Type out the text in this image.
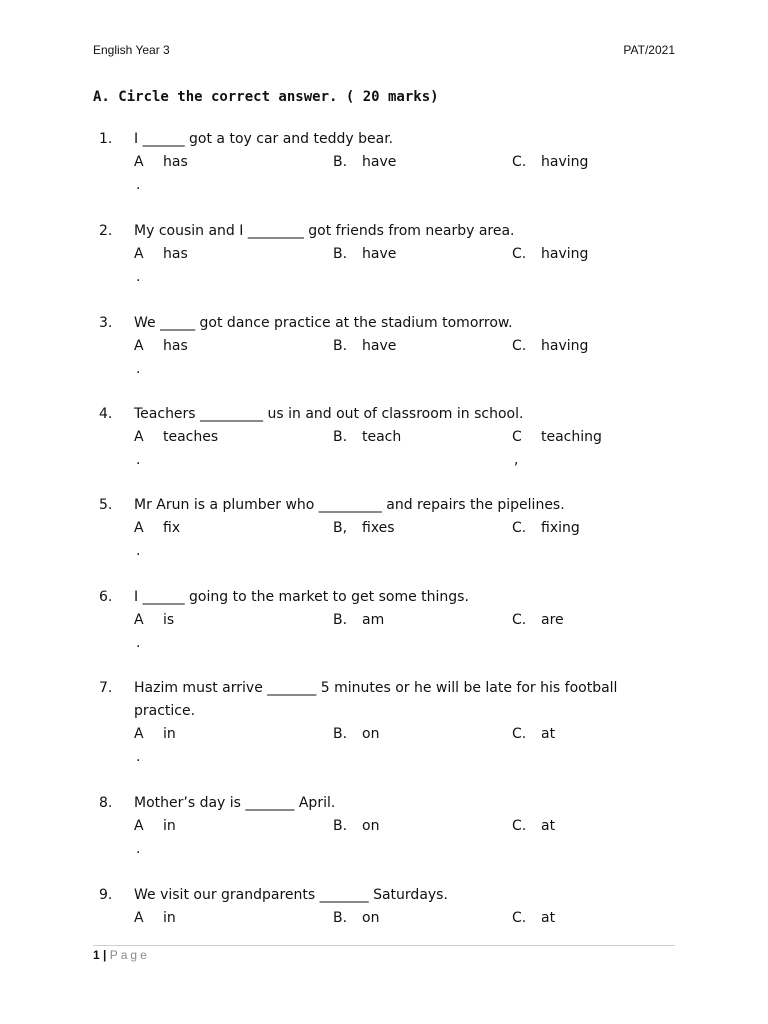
English Year 3	PAT/2021
A. Circle the correct answer. ( 20 marks)
1. I ______ got a toy car and teddy bear.
A has	B. have	C. having
.
2. My cousin and I ________ got friends from nearby area.
A has	B. have	C. having
.
3. We _____ got dance practice at the stadium tomorrow.
A has	B. have	C. having
.
4. Teachers _________ us in and out of classroom in school.
A teaches	B. teach	C teaching
.	,
5. Mr Arun is a plumber who _________ and repairs the pipelines.
A fix	B, fixes	C. fixing
.
6. I ______ going to the market to get some things.
A is	B. am	C. are
.
7. Hazim must arrive _______ 5 minutes or he will be late for his football practice.
A in	B. on	C. at
.
8. Mother’s day is _______ April.
A in	B. on	C. at
.
9. We visit our grandparents _______ Saturdays.
A in	B. on	C. at
1 | Page
